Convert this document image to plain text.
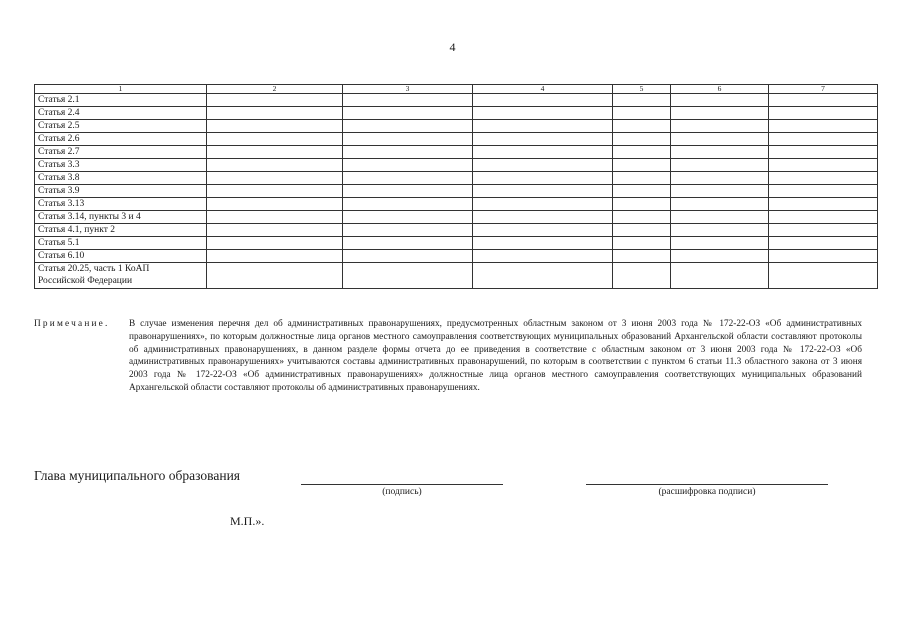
4
1	2	3	4	5	6	7
Статья 2.1						
Статья 2.4						
Статья 2.5						
Статья 2.6						
Статья 2.7						
Статья 3.3						
Статья 3.8						
Статья 3.9						
Статья 3.13						
Статья 3.14, пункты 3 и 4						
Статья 4.1, пункт 2						
Статья 5.1						
Статья 6.10						

Статья 20.25, часть 1 КоАП
Российской Федерации						

Примечание. В случае изменения перечня дел об административных правонарушениях, предусмотренных областным законом от 3 июня 2003 года № 172-22-ОЗ «Об административных правонарушениях», по которым должностные лица органов местного самоуправления соответствующих муниципальных образований Архангельской области составляют протоколы об административных правонарушениях, в данном разделе формы отчета до ее приведения в соответствие с областным законом от 3 июня 2003 года № 172-22-ОЗ «Об административных правонарушениях» учитываются составы административных правонарушений, по которым в соответствии с пунктом 6 статьи 11.3 областного закона от 3 июня 2003 года № 172-22-ОЗ «Об административных правонарушениях» должностные лица органов местного самоуправления соответствующих муниципальных образований Архангельской области составляют протоколы об административных правонарушениях.
Глава муниципального образования
(подпись)	(расшифровка подписи)
М.П.».
